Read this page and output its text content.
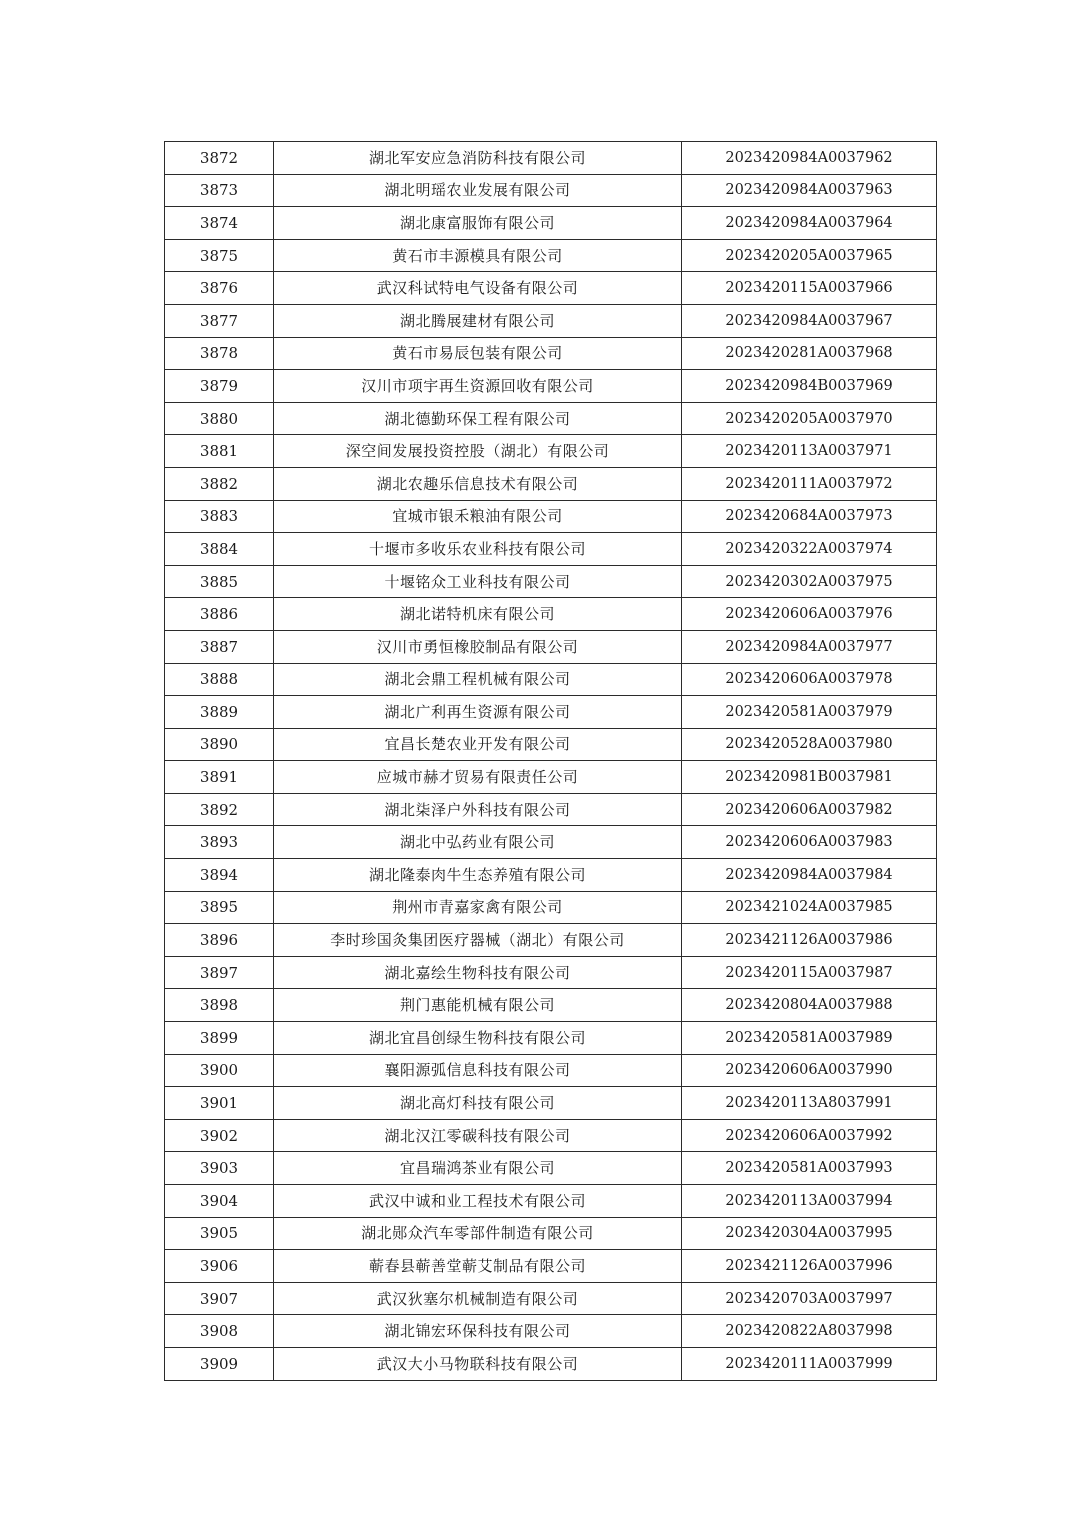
3872	湖北军安应急消防科技有限公司	2023420984A0037962
3873	湖北明瑶农业发展有限公司	2023420984A0037963
3874	湖北康富服饰有限公司	2023420984A0037964
3875	黄石市丰源模具有限公司	2023420205A0037965
3876	武汉科试特电气设备有限公司	2023420115A0037966
3877	湖北腾展建材有限公司	2023420984A0037967
3878	黄石市易辰包装有限公司	2023420281A0037968
3879	汉川市项宇再生资源回收有限公司	2023420984B0037969
3880	湖北德勤环保工程有限公司	2023420205A0037970
3881	深空间发展投资控股（湖北）有限公司	2023420113A0037971
3882	湖北农趣乐信息技术有限公司	2023420111A0037972
3883	宜城市银禾粮油有限公司	2023420684A0037973
3884	十堰市多收乐农业科技有限公司	2023420322A0037974
3885	十堰铭众工业科技有限公司	2023420302A0037975
3886	湖北诺特机床有限公司	2023420606A0037976
3887	汉川市勇恒橡胶制品有限公司	2023420984A0037977
3888	湖北会鼎工程机械有限公司	2023420606A0037978
3889	湖北广利再生资源有限公司	2023420581A0037979
3890	宜昌长楚农业开发有限公司	2023420528A0037980
3891	应城市赫才贸易有限责任公司	2023420981B0037981
3892	湖北柒泽户外科技有限公司	2023420606A0037982
3893	湖北中弘药业有限公司	2023420606A0037983
3894	湖北隆泰肉牛生态养殖有限公司	2023420984A0037984
3895	荆州市青嘉家禽有限公司	2023421024A0037985
3896	李时珍国灸集团医疗器械（湖北）有限公司	2023421126A0037986
3897	湖北嘉绘生物科技有限公司	2023420115A0037987
3898	荆门惠能机械有限公司	2023420804A0037988
3899	湖北宜昌创绿生物科技有限公司	2023420581A0037989
3900	襄阳源弧信息科技有限公司	2023420606A0037990
3901	湖北高灯科技有限公司	2023420113A8037991
3902	湖北汉江零碳科技有限公司	2023420606A0037992
3903	宜昌瑞鸿茶业有限公司	2023420581A0037993
3904	武汉中诚和业工程技术有限公司	2023420113A0037994
3905	湖北郧众汽车零部件制造有限公司	2023420304A0037995
3906	蕲春县蕲善堂蕲艾制品有限公司	2023421126A0037996
3907	武汉狄塞尔机械制造有限公司	2023420703A0037997
3908	湖北锦宏环保科技有限公司	2023420822A8037998
3909	武汉大小马物联科技有限公司	2023420111A0037999
